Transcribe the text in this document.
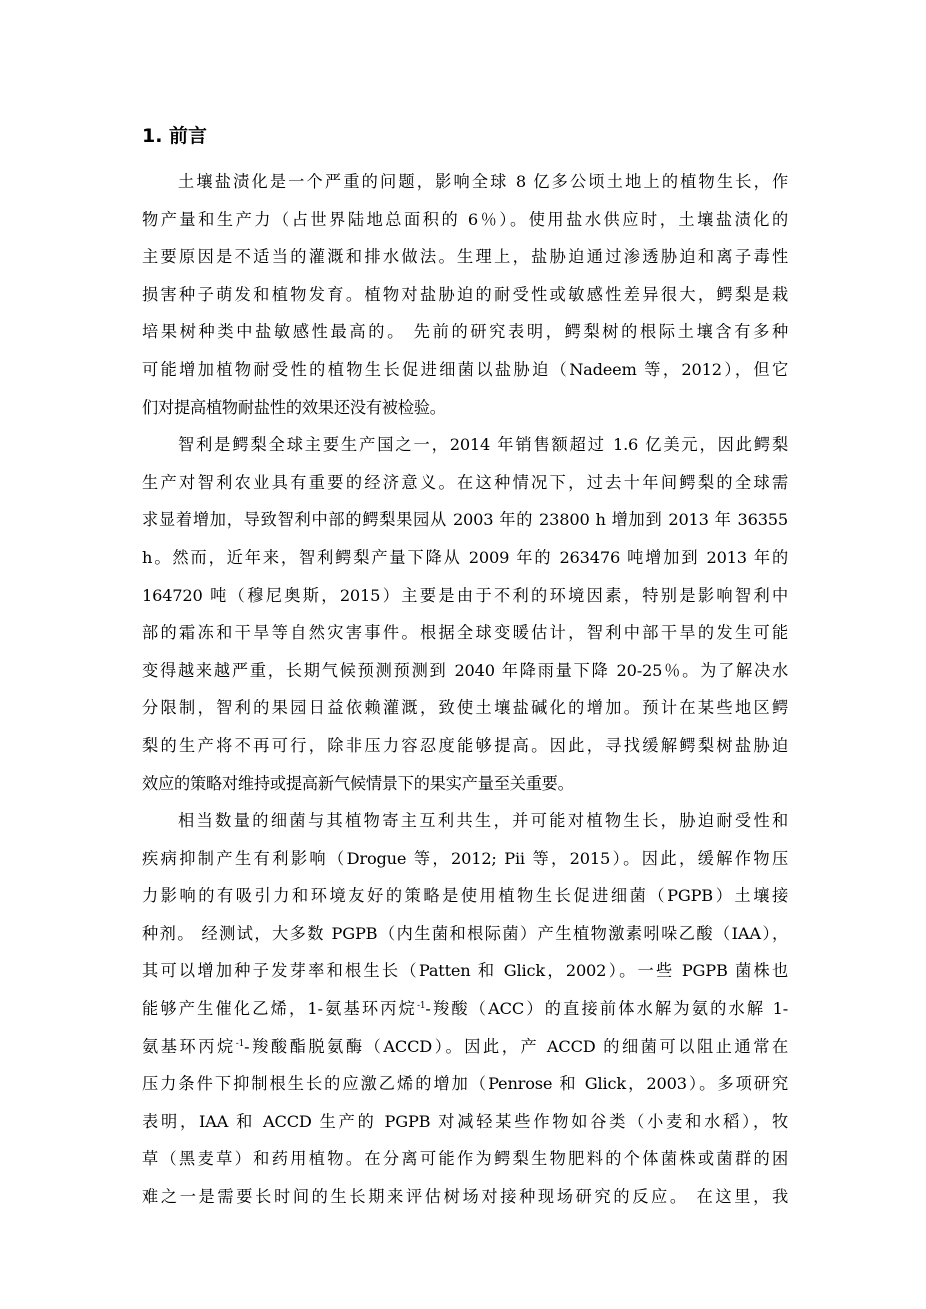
1. 前言
土壤盐渍化是一个严重的问题，影响全球 8 亿多公顷土地上的植物生长，作
物产量和生产力（占世界陆地总面积的 6％）。使用盐水供应时，土壤盐渍化的
主要原因是不适当的灌溉和排水做法。生理上，盐胁迫通过渗透胁迫和离子毒性
损害种子萌发和植物发育。植物对盐胁迫的耐受性或敏感性差异很大，鳄梨是栽
培果树种类中盐敏感性最高的。 先前的研究表明，鳄梨树的根际土壤含有多种
可能增加植物耐受性的植物生长促进细菌以盐胁迫（Nadeem 等，2012），但它
们对提高植物耐盐性的效果还没有被检验。
智利是鳄梨全球主要生产国之一，2014 年销售额超过 1.6 亿美元，因此鳄梨
生产对智利农业具有重要的经济意义。在这种情况下，过去十年间鳄梨的全球需
求显着增加，导致智利中部的鳄梨果园从 2003 年的 23800 h 增加到 2013 年 36355
h。然而，近年来，智利鳄梨产量下降从 2009 年的 263476 吨增加到 2013 年的
164720 吨（穆尼奥斯，2015）主要是由于不利的环境因素，特别是影响智利中
部的霜冻和干旱等自然灾害事件。根据全球变暖估计，智利中部干旱的发生可能
变得越来越严重，长期气候预测预测到 2040 年降雨量下降 20-25％。为了解决水
分限制，智利的果园日益依赖灌溉，致使土壤盐碱化的增加。预计在某些地区鳄
梨的生产将不再可行，除非压力容忍度能够提高。因此，寻找缓解鳄梨树盐胁迫
效应的策略对维持或提高新气候情景下的果实产量至关重要。
相当数量的细菌与其植物寄主互利共生，并可能对植物生长，胁迫耐受性和
疾病抑制产生有利影响（Drogue 等，2012; Pii 等，2015）。因此，缓解作物压
力影响的有吸引力和环境友好的策略是使用植物生长促进细菌（PGPB）土壤接
种剂。 经测试，大多数 PGPB（内生菌和根际菌）产生植物激素吲哚乙酸（IAA），
其可以增加种子发芽率和根生长（Patten 和 Glick，2002）。一些 PGPB 菌株也
能够产生催化乙烯，1-氨基环丙烷$^{-1}$-羧酸（ACC）的直接前体水解为氨的水解 1-
氨基环丙烷$^{-1}$-羧酸酯脱氨酶（ACCD）。因此，产 ACCD 的细菌可以阻止通常在
压力条件下抑制根生长的应激乙烯的增加（Penrose 和 Glick，2003）。多项研究
表明，IAA 和 ACCD 生产的 PGPB 对减轻某些作物如谷类（小麦和水稻），牧
草（黑麦草）和药用植物。在分离可能作为鳄梨生物肥料的个体菌株或菌群的困
难之一是需要长时间的生长期来评估树场对接种现场研究的反应。 在这里，我
